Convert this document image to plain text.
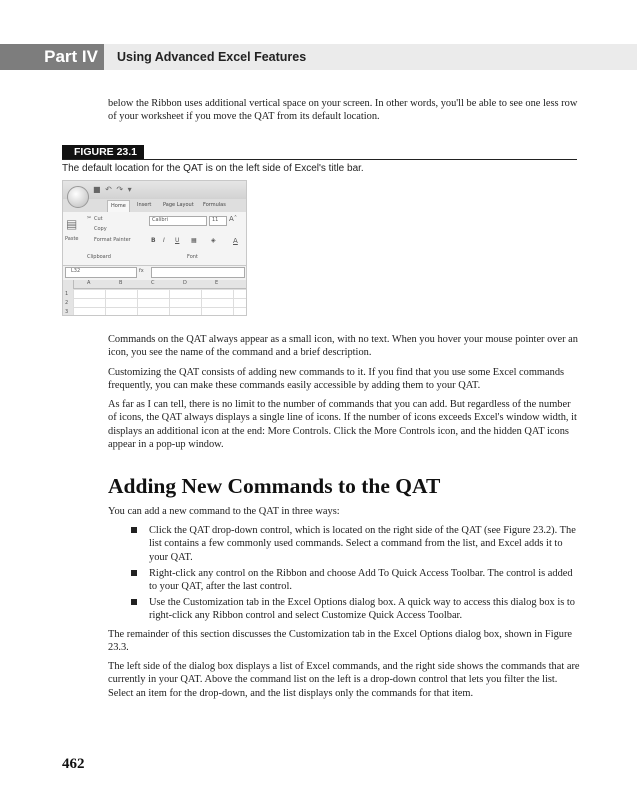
Part IV	Using Advanced Excel Features
below the Ribbon uses additional vertical space on your screen. In other words, you'll be able to see one less row of your worksheet if you move the QAT from its default location.
FIGURE 23.1
The default location for the QAT is on the left side of Excel's title bar.
■ ↶ ↷ ▾
Home	Insert Page Layout Formulas
▤
Paste
✂ Cut
Copy
Format Painter
Clipboard
Calibri	11 Aˆ
B I U ▦ ◈ A
Font
L32	fx
A	B	C	D	E
1
2
3
Commands on the QAT always appear as a small icon, with no text. When you hover your mouse pointer over an icon, you see the name of the command and a brief description.
Customizing the QAT consists of adding new commands to it. If you find that you use some Excel commands frequently, you can make these commands easily accessible by adding them to your QAT.
As far as I can tell, there is no limit to the number of commands that you can add. But regardless of the number of icons, the QAT always displays a single line of icons. If the number of icons exceeds Excel's window width, it displays an additional icon at the end: More Controls. Click the More Controls icon, and the hidden QAT icons appear in a pop-up window.
Adding New Commands to the QAT
You can add a new command to the QAT in three ways:
Click the QAT drop-down control, which is located on the right side of the QAT (see Figure 23.2). The list contains a few commonly used commands. Select a command from the list, and Excel adds it to your QAT.
Right-click any control on the Ribbon and choose Add To Quick Access Toolbar. The control is added to your QAT, after the last control.
Use the Customization tab in the Excel Options dialog box. A quick way to access this dialog box is to right-click any Ribbon control and select Customize Quick Access Toolbar.
The remainder of this section discusses the Customization tab in the Excel Options dialog box, shown in Figure 23.3.
The left side of the dialog box displays a list of Excel commands, and the right side shows the commands that are currently in your QAT. Above the command list on the left is a drop-down control that lets you filter the list. Select an item for the drop-down, and the list displays only the commands for that item.
462
